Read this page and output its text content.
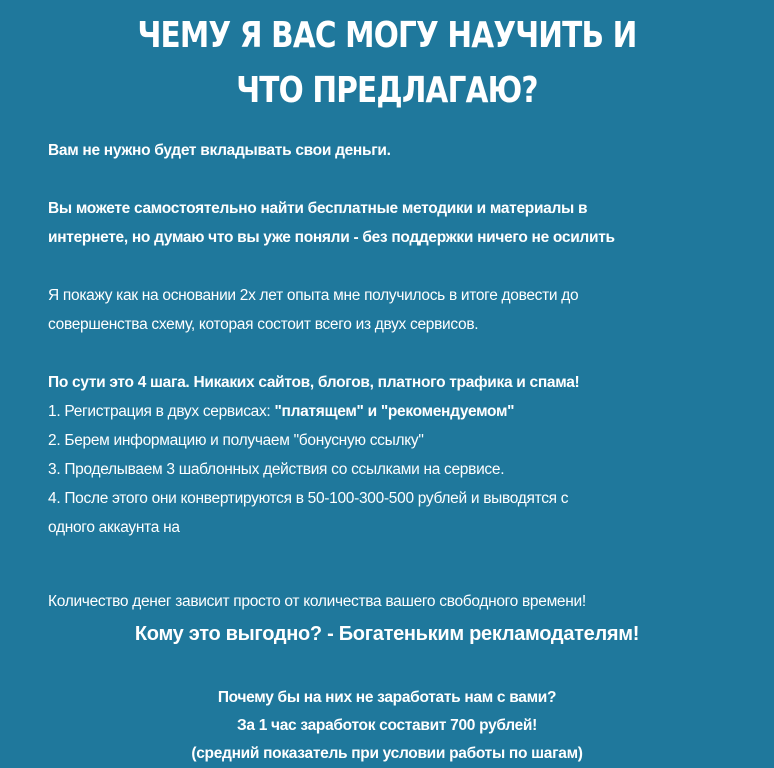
ЧЕМУ Я ВАС МОГУ НАУЧИТЬ И
ЧТО ПРЕДЛАГАЮ?

Вам не нужно будет вкладывать свои деньги.

Вы можете самостоятельно найти бесплатные методики и материалы в

интернете, но думаю что вы уже поняли - без поддержки ничего не осилить

Я покажу как на основании 2х лет опыта мне получилось в итоге довести до

совершенства схему, которая состоит всего из двух сервисов.

По сути это 4 шага. Никаких сайтов, блогов, платного трафика и спама!

1. Регистрация в двух сервисах: "платящем" и "рекомендуемом"

2. Берем информацию и получаем "бонусную ссылку"

3. Проделываем 3 шаблонных действия со ссылками на сервисе.

4. После этого они конвертируются в 50-100-300-500 рублей и выводятся с

одного аккаунта на

Количество денег зависит просто от количества вашего свободного времени!

Кому это выгодно? - Богатеньким рекламодателям!
Почему бы на них не заработать нам с вами?
За 1 час заработок составит 700 рублей!
(средний показатель при условии работы по шагам)
